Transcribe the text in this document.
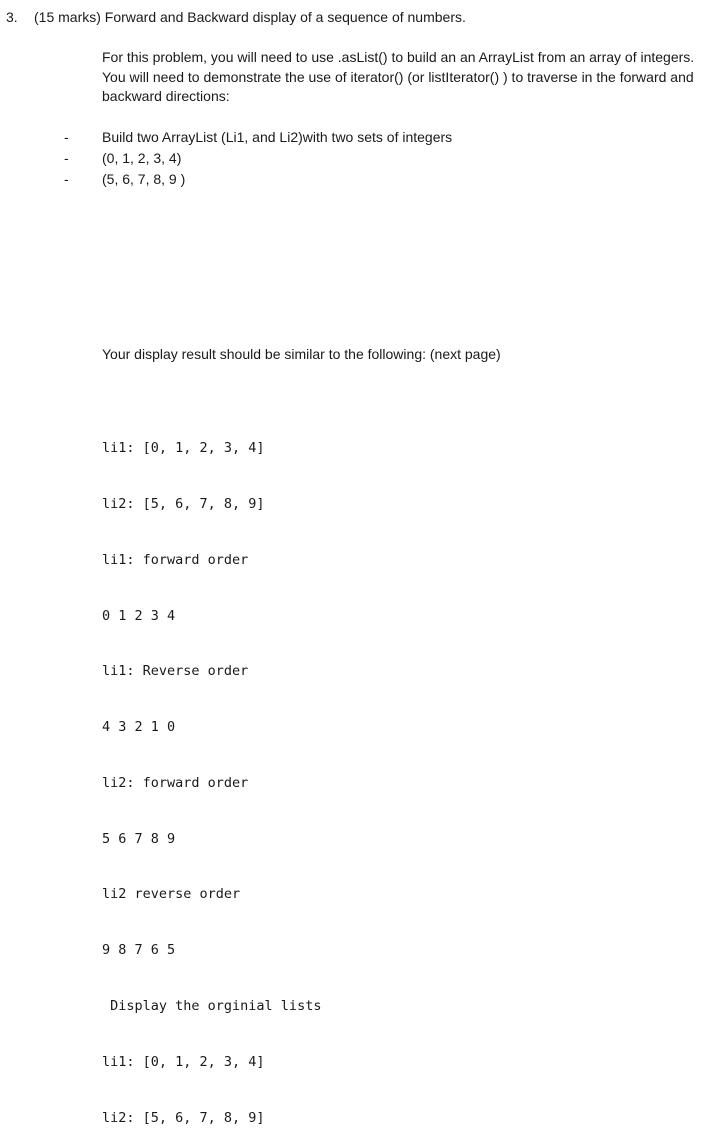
3. (15 marks) Forward and Backward display of a sequence of numbers.

For this problem, you will need to use .asList() to build an an ArrayList from an array of integers. You will need to demonstrate the use of iterator() (or listIterator() ) to traverse in the forward and backward directions:

-	Build two ArrayList (Li1, and Li2)with two sets of integers
-	(0, 1, 2, 3, 4)
-	(5, 6, 7, 8, 9 )
Your display result should be similar to the following: (next page)

li1: [0, 1, 2, 3, 4]

li2: [5, 6, 7, 8, 9]

li1: forward order

0 1 2 3 4

li1: Reverse order

4 3 2 1 0

li2: forward order

5 6 7 8 9

li2 reverse order

9 8 7 6 5

Display the orginial lists

li1: [0, 1, 2, 3, 4]

li2: [5, 6, 7, 8, 9]
